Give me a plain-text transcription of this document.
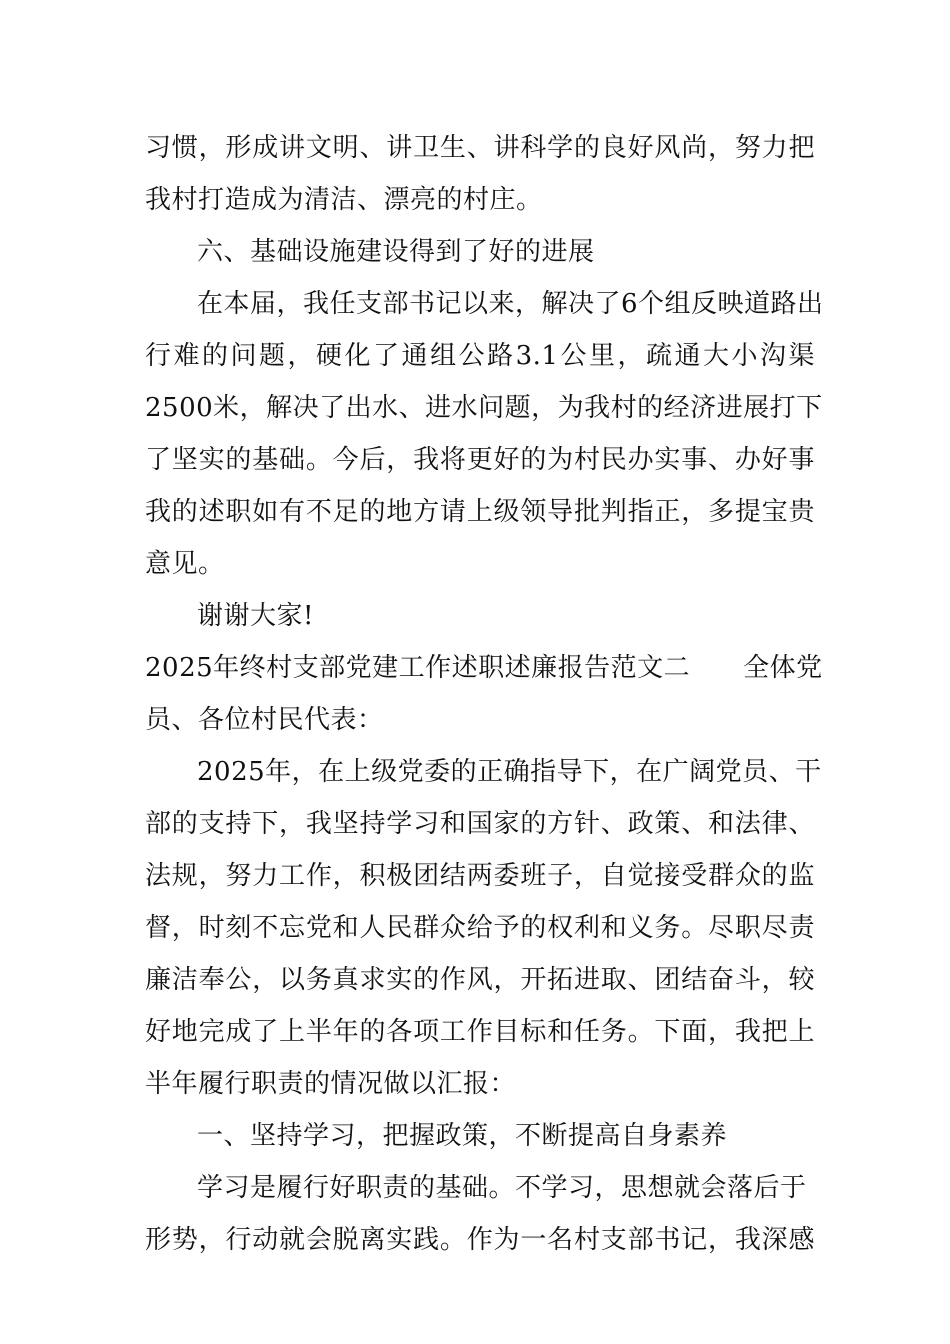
习惯，形成讲文明、讲卫生、讲科学的良好风尚，努力把
我村打造成为清洁、漂亮的村庄。
六、基础设施建设得到了好的进展
在本届，我任支部书记以来，解决了6个组反映道路出
行难的问题，硬化了通组公路3.1公里，疏通大小沟渠
2500米，解决了出水、进水问题，为我村的经济进展打下
了坚实的基础。今后，我将更好的为村民办实事、办好事
我的述职如有不足的地方请上级领导批判指正，多提宝贵
意见。
谢谢大家!
2025年终村支部党建工作述职述廉报告范文二　　全体党
员、各位村民代表：
2025年，在上级党委的正确指导下，在广阔党员、干
部的支持下，我坚持学习和国家的方针、政策、和法律、
法规，努力工作，积极团结两委班子，自觉接受群众的监
督，时刻不忘党和人民群众给予的权利和义务。尽职尽责
廉洁奉公，以务真求实的作风，开拓进取、团结奋斗，较
好地完成了上半年的各项工作目标和任务。下面，我把上
半年履行职责的情况做以汇报：
一、坚持学习，把握政策，不断提高自身素养
学习是履行好职责的基础。不学习，思想就会落后于
形势，行动就会脱离实践。作为一名村支部书记，我深感
